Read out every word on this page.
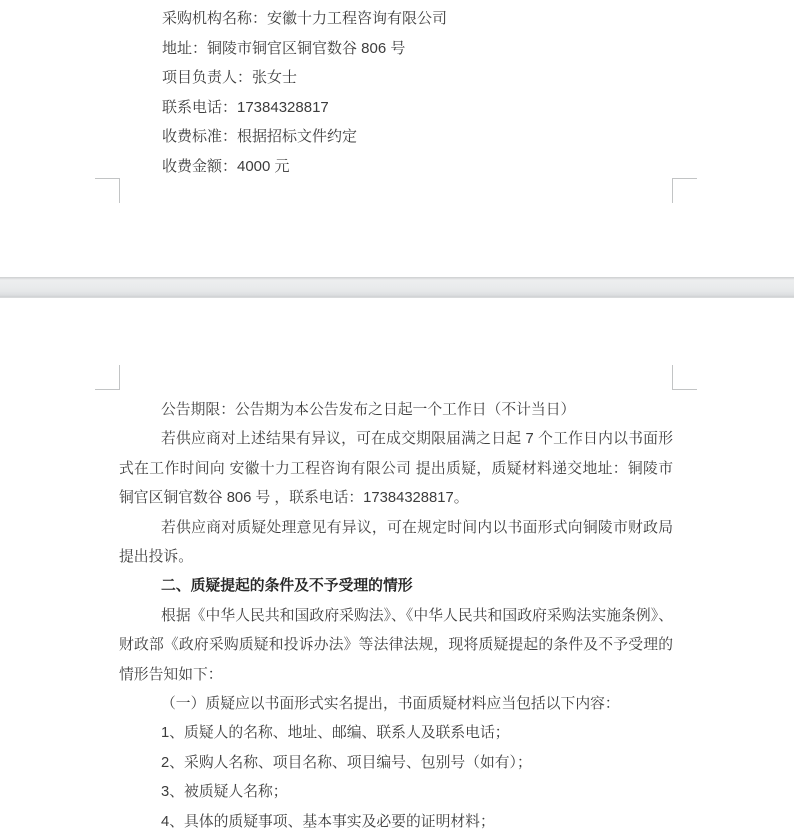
采购机构名称：安徽十力工程咨询有限公司
地址：铜陵市铜官区铜官数谷 806 号
项目负责人：张女士
联系电话：17384328817
收费标准：根据招标文件约定
收费金额：4000 元

公告期限：公告期为本公告发布之日起一个工作日（不计当日）

若供应商对上述结果有异议，可在成交期限届满之日起 7 个工作日内以书面形式在工作时间向 安徽十力工程咨询有限公司 提出质疑，质疑材料递交地址：铜陵市铜官区铜官数谷 806 号 ，联系电话：17384328817。

若供应商对质疑处理意见有异议，可在规定时间内以书面形式向铜陵市财政局提出投诉。

二、质疑提起的条件及不予受理的情形

根据《中华人民共和国政府采购法》、《中华人民共和国政府采购法实施条例》、财政部《政府采购质疑和投诉办法》等法律法规，现将质疑提起的条件及不予受理的情形告知如下：

（一）质疑应以书面形式实名提出，书面质疑材料应当包括以下内容：

1、质疑人的名称、地址、邮编、联系人及联系电话；

2、采购人名称、项目名称、项目编号、包别号（如有）；

3、被质疑人名称；

4、具体的质疑事项、基本事实及必要的证明材料；
